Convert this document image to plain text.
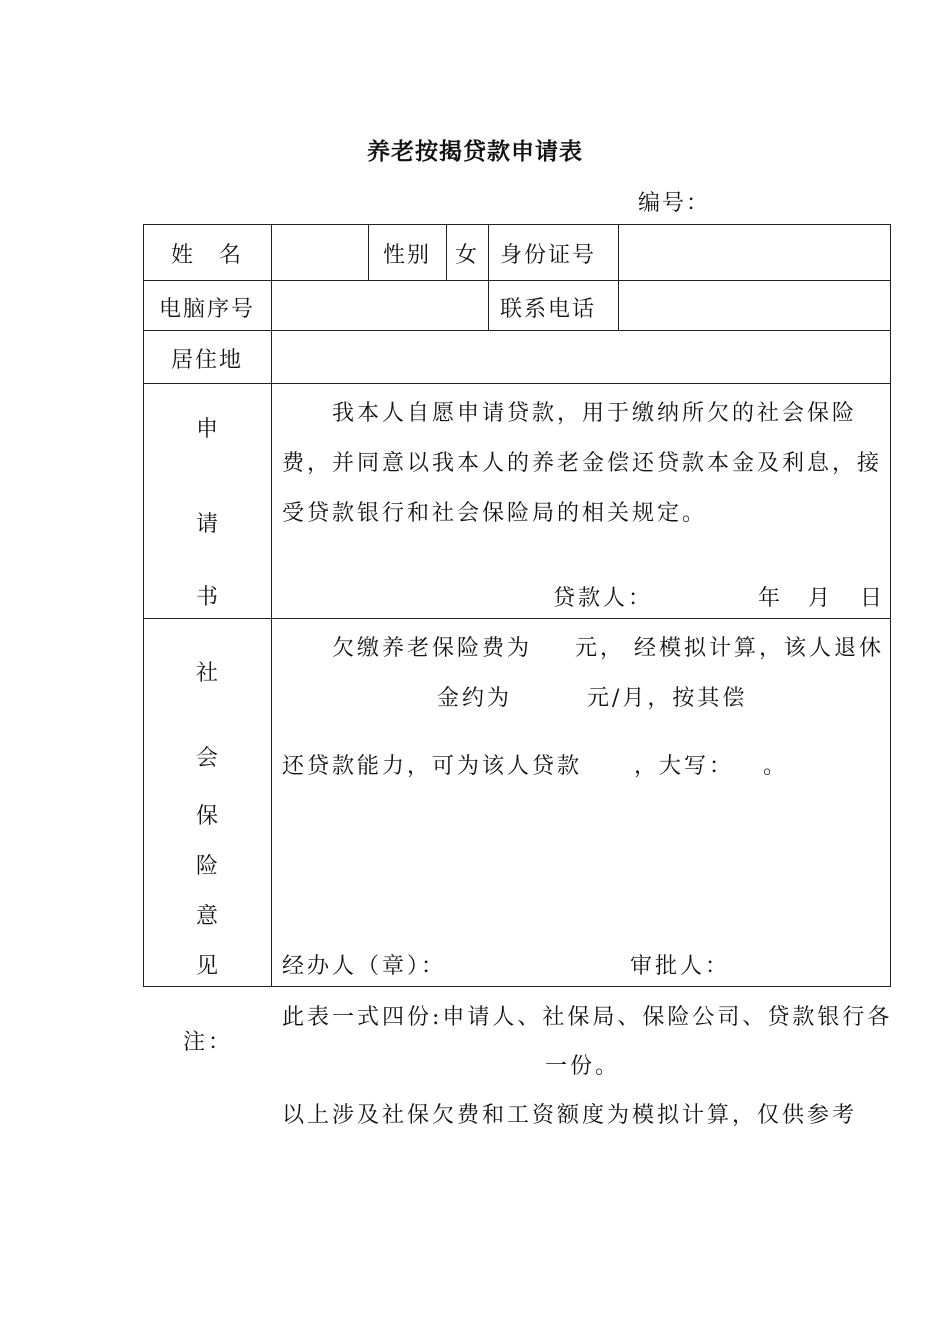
养老按揭贷款申请表
编号：
姓　名	性别	女 身份证号
电脑序号	联系电话
居住地
申
请
书
我本人自愿申请贷款，用于缴纳所欠的社会保险
费，并同意以我本人的养老金偿还贷款本金及利息，接
受贷款银行和社会保险局的相关规定。
贷款人：	年 月 日
社
会
保
险
意
见
欠缴养老保险费为 元， 经模拟计算，该人退休
金约为　　　元/月，按其偿
还贷款能力，可为该人贷款 ，大写： 。
经办人（章）：	审批人：
注：
此表一式四份:申请人、社保局、保险公司、贷款银行各
一份。
以上涉及社保欠费和工资额度为模拟计算，仅供参考
